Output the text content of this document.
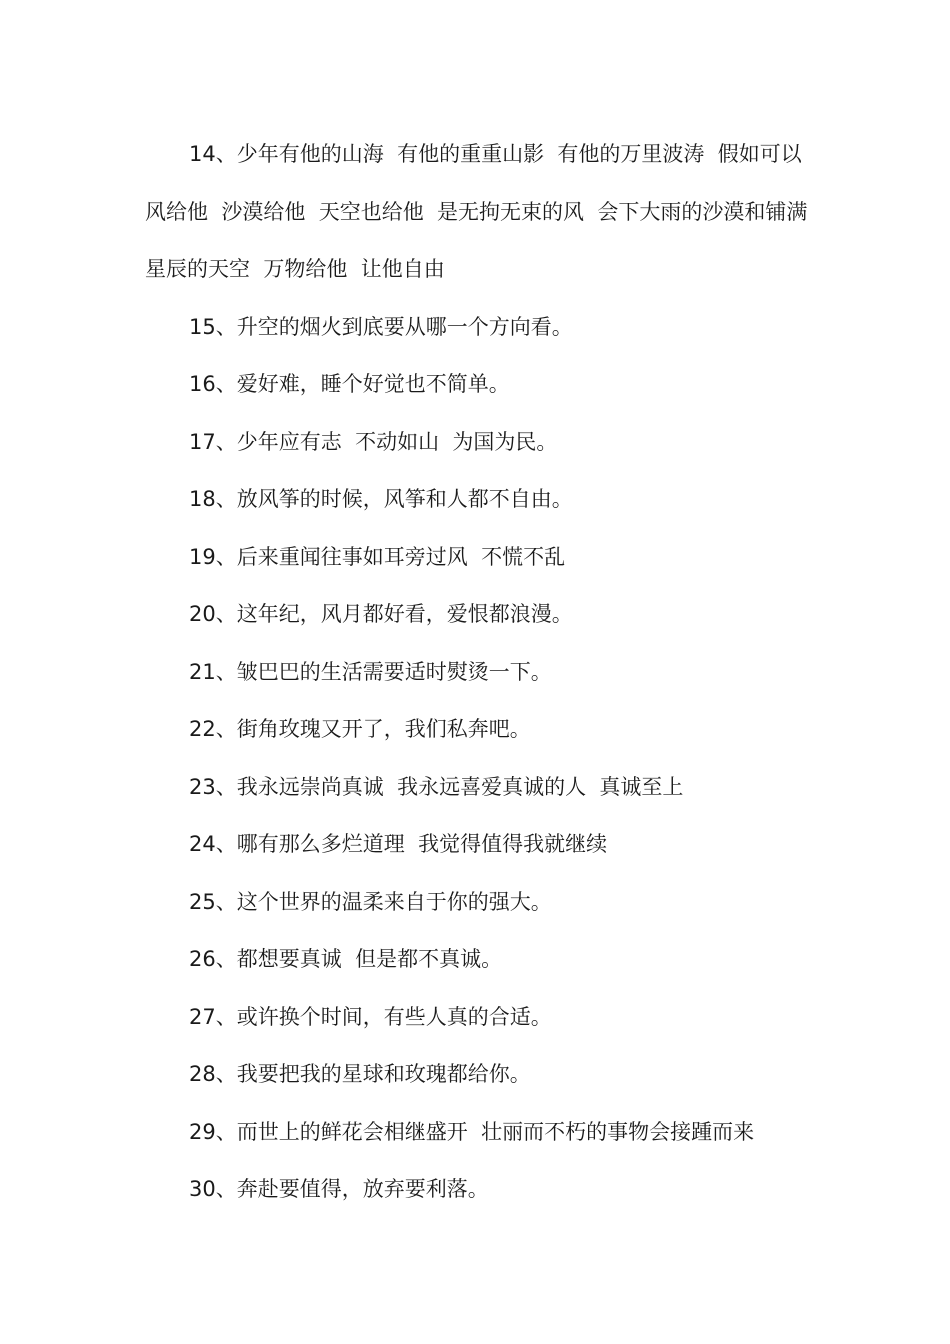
14、少年有他的山海  有他的重重山影  有他的万里波涛  假如可以  风给他  沙漠给他  天空也给他  是无拘无束的风  会下大雨的沙漠和铺满星辰的天空  万物给他  让他自由

15、升空的烟火到底要从哪一个方向看。

16、爱好难，睡个好觉也不简单。

17、少年应有志  不动如山  为国为民。

18、放风筝的时候，风筝和人都不自由。

19、后来重闻往事如耳旁过风  不慌不乱

20、这年纪，风月都好看，爱恨都浪漫。

21、皱巴巴的生活需要适时熨烫一下。

22、街角玫瑰又开了，我们私奔吧。

23、我永远崇尚真诚  我永远喜爱真诚的人  真诚至上

24、哪有那么多烂道理  我觉得值得我就继续

25、这个世界的温柔来自于你的强大。

26、都想要真诚  但是都不真诚。

27、或许换个时间，有些人真的合适。

28、我要把我的星球和玫瑰都给你。

29、而世上的鲜花会相继盛开  壮丽而不朽的事物会接踵而来

30、奔赴要值得，放弃要利落。
